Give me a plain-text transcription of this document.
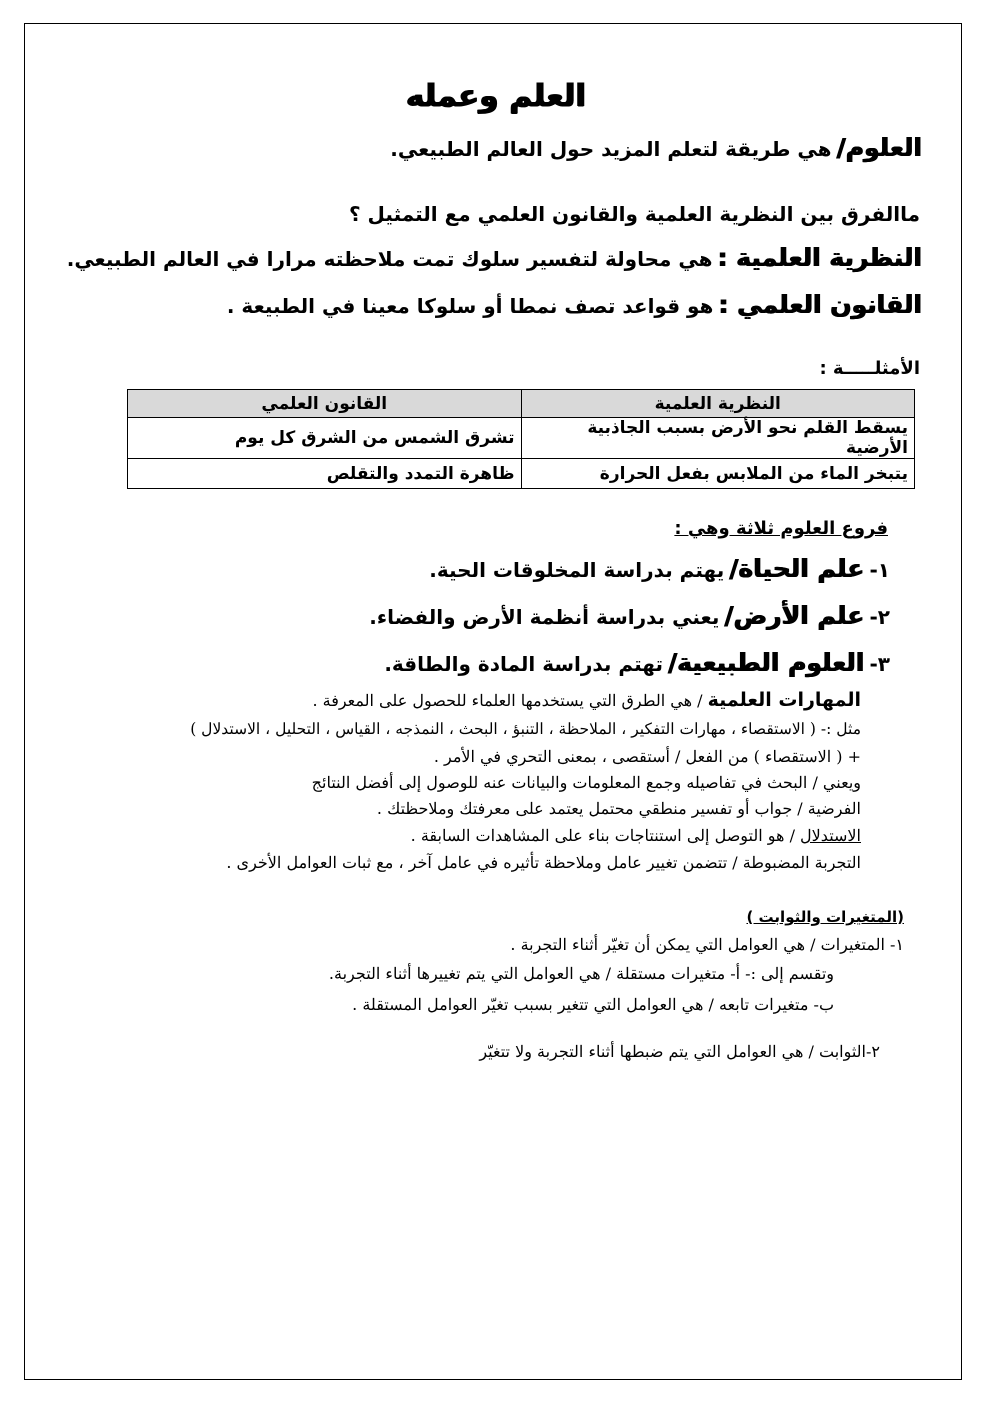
العلم وعمله
العلوم/ هي طريقة لتعلم المزيد حول العالم الطبيعي.
ماالفرق بين النظرية العلمية والقانون العلمي مع التمثيل ؟
النظرية العلمية : هي محاولة لتفسير سلوك تمت ملاحظته مرارا في العالم الطبيعي.
القانون العلمي : هو قواعد تصف نمطا أو سلوكا معينا في الطبيعة .
الأمثلـــــة :
النظرية العلمية	القانون العلمي
يسقط القلم نحو الأرض بسبب الجاذبية الأرضية	تشرق الشمس من الشرق كل يوم
يتبخر الماء من الملابس بفعل الحرارة	ظاهرة التمدد والتقلص
فروع العلوم ثلاثة وهي :
١- علم الحياة/ يهتم بدراسة المخلوقات الحية.
٢- علم الأرض/ يعني بدراسة أنظمة الأرض والفضاء.
٣- العلوم الطبيعية/ تهتم بدراسة المادة والطاقة.
المهارات العلمية / هي الطرق التي يستخدمها العلماء للحصول على المعرفة .
مثل :- ( الاستقصاء ، مهارات التفكير ، الملاحظة ، التنبؤ ، البحث ، النمذجه ، القياس ، التحليل ، الاستدلال )
+ ( الاستقصاء ) من الفعل / أستقصى ، بمعنى التحري في الأمر .
ويعني / البحث في تفاصيله وجمع المعلومات والبيانات عنه للوصول إلى أفضل النتائج
الفرضية / جواب أو تفسير منطقي محتمل يعتمد على معرفتك وملاحظتك .
الاستدلال / هو التوصل إلى استنتاجات بناء على المشاهدات السابقة .
التجربة المضبوطة / تتضمن تغيير عامل وملاحظة تأثيره في عامل آخر ، مع ثبات العوامل الأخرى .
(المتغيرات والثوابت )
١- المتغيرات / هي العوامل التي يمكن أن تغيّر أثناء التجربة .
وتقسم إلى :- أ- متغيرات مستقلة / هي العوامل التي يتم تغييرها أثناء التجربة.
ب- متغيرات تابعه / هي العوامل التي تتغير بسبب تغيّر العوامل المستقلة .
٢-الثوابت / هي العوامل التي يتم ضبطها أثناء التجربة ولا تتغيّر
